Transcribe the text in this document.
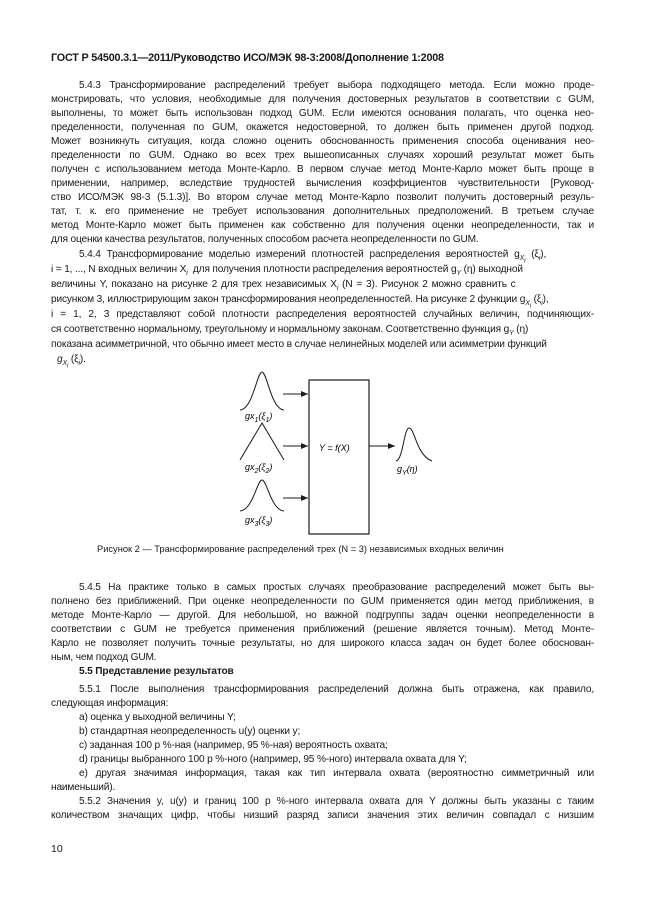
ГОСТ Р 54500.3.1—2011/Руководство ИСО/МЭК 98-3:2008/Дополнение 1:2008
5.4.3 Трансформирование распределений требует выбора подходящего метода. Если можно проде-
монстрировать, что условия, необходимые для получения достоверных результатов в соответствии с GUM,
выполнены, то может быть использован подход GUM. Если имеются основания полагать, что оценка нео-
пределенности, полученная по GUM, окажется недостоверной, то должен быть применен другой подход.
Может возникнуть ситуация, когда сложно оценить обоснованность применения способа оценивания нео-
пределенности по GUM. Однако во всех трех вышеописанных случаях хороший результат может быть
получен с использованием метода Монте-Карло. В первом случае метод Монте-Карло может быть проще в
применении, например, вследствие трудностей вычисления коэффициентов чувствительности [Руковод-
ство ИСО/МЭК 98-3 (5.1.3)]. Во втором случае метод Монте-Карло позволит получить достоверный резуль-
тат, т. к. его применение не требует использования дополнительных предположений. В третьем случае
метод Монте-Карло может быть применен как собственно для получения оценки неопределенности, так и
для оценки качества результатов, полученных способом расчета неопределенности по GUM.
5.4.4 Трансформирование моделью измерений плотностей распределения вероятностей $g_{X_i}$ $(\xi_i)$,
i = 1, ..., N входных величин $X_i$ для получения плотности распределения вероятностей $g_Y$ (η) выходной
величины Y, показано на рисунке 2 для трех независимых $X_i$ (N = 3). Рисунок 2 можно сравнить с
рисунком 3, иллюстрирующим закон трансформирования неопределенностей. На рисунке 2 функции $g_{X_i}$ $(\xi_i)$,
i = 1, 2, 3 представляют собой плотности распределения вероятностей случайных величин, подчиняющих-
ся соответственно нормальному, треугольному и нормальному законам. Соответственно функция $g_Y$ (η)
показана асимметричной, что обычно имеет место в случае нелинейных моделей или асимметрии функций
$g_{X_i}$ $(\xi_i)$.
$gx_1(\xi_1)$
$gx_2(\xi_2)$
$gx_3(\xi_3)$
Y = f(X)
$g_Y(\eta)$
Рисунок 2 — Трансформирование распределений трех (N = 3) независимых входных величин
5.4.5 На практике только в самых простых случаях преобразование распределений может быть вы-
полнено без приближений. При оценке неопределенности по GUM применяется один метод приближения, в
методе Монте-Карло — другой. Для небольшой, но важной подгруппы задач оценки неопределенности в
соответствии с GUM не требуется применения приближений (решение является точным). Метод Монте-
Карло не позволяет получить точные результаты, но для широкого класса задач он будет более обоснован-
ным, чем подход GUM.
5.5 Представление результатов
5.5.1 После выполнения трансформирования распределений должна быть отражена, как правило,
следующая информация:
a) оценка y выходной величины Y;
b) стандартная неопределенность u(y) оценки y;
c) заданная 100 p %-ная (например, 95 %-ная) вероятность охвата;
d) границы выбранного 100 p %-ного (например, 95 %-ного) интервала охвата для Y;
e) другая значимая информация, такая как тип интервала охвата (вероятностно симметричный или
наименьший).
5.5.2 Значения y, u(y) и границ 100 p %-ного интервала охвата для Y должны быть указаны с таким
количеством значащих цифр, чтобы низший разряд записи значения этих величин совпадал с низшим
10
